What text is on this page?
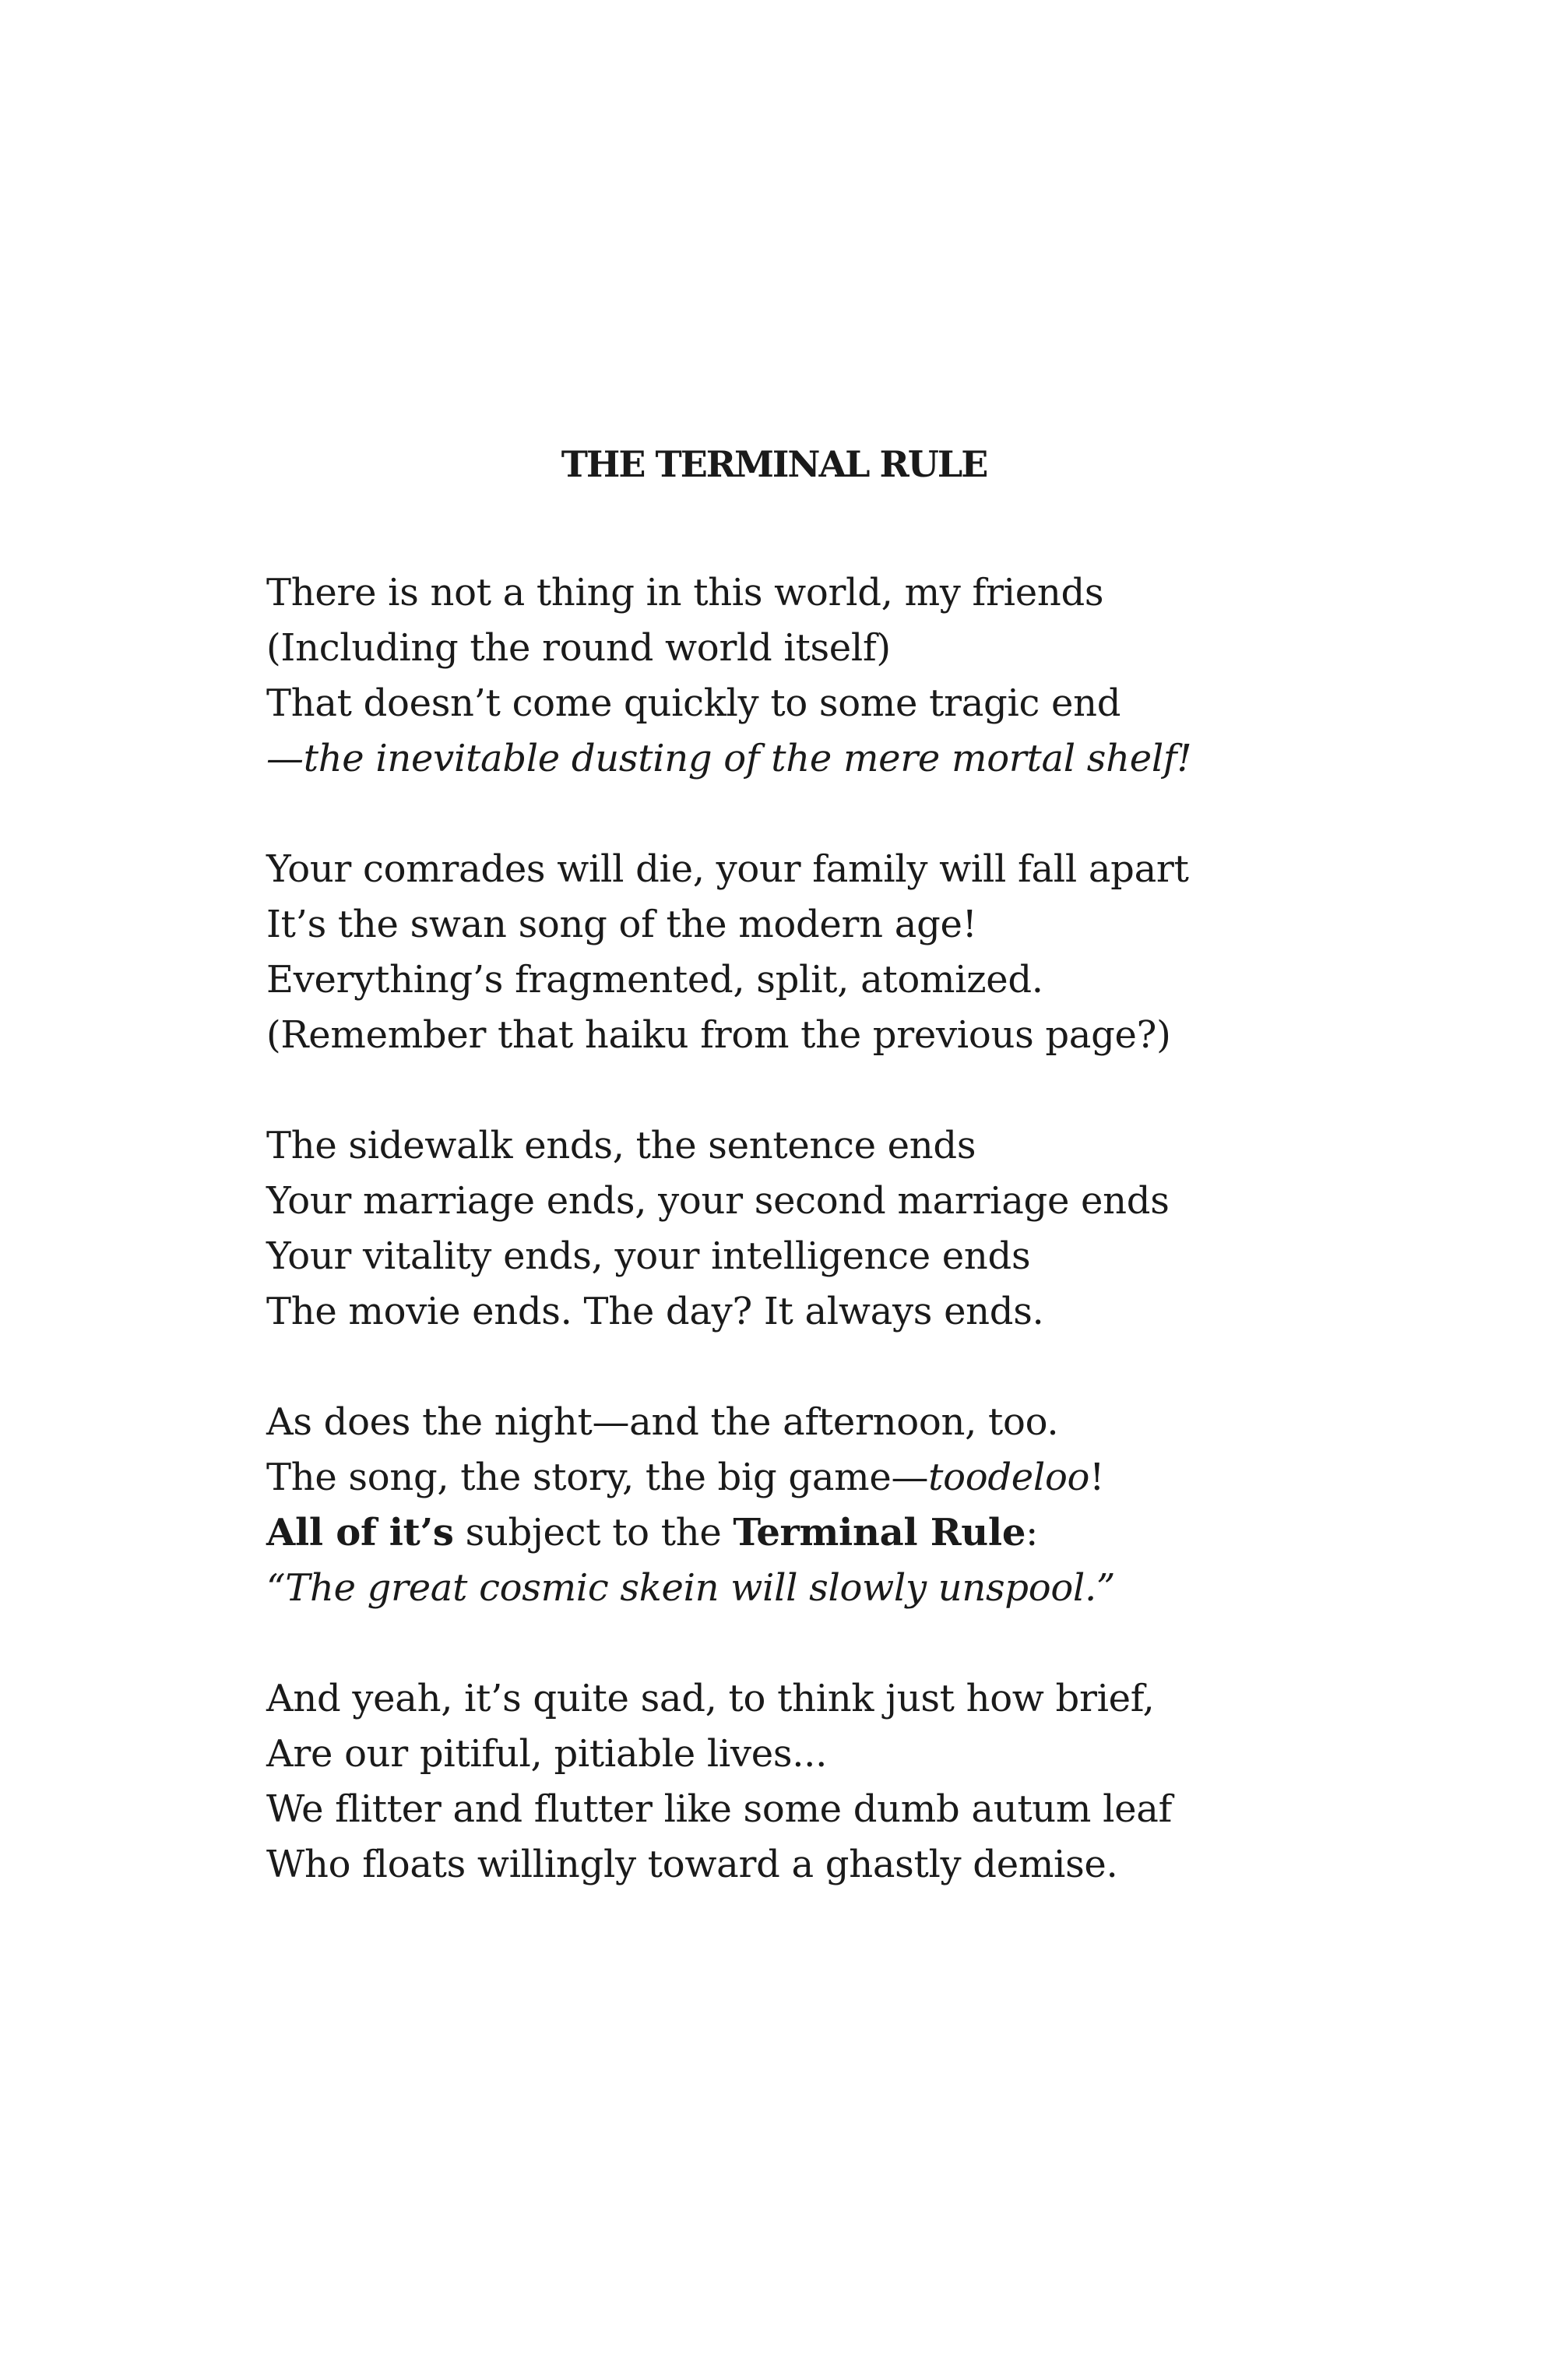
THE TERMINAL RULE
There is not a thing in this world, my friends
(Including the round world itself)
That doesn’t come quickly to some tragic end
—the inevitable dusting of the mere mortal shelf!
Your comrades will die, your family will fall apart
It’s the swan song of the modern age!
Everything’s fragmented, split, atomized.
(Remember that haiku from the previous page?)
The sidewalk ends, the sentence ends
Your marriage ends, your second marriage ends
Your vitality ends, your intelligence ends
The movie ends. The day? It always ends.
As does the night—and the afternoon, too.
The song, the story, the big game—toodeloo!
All of it’s subject to the Terminal Rule:
“The great cosmic skein will slowly unspool.”
And yeah, it’s quite sad, to think just how brief,
Are our pitiful, pitiable lives...
We flitter and flutter like some dumb autum leaf
Who floats willingly toward a ghastly demise.
